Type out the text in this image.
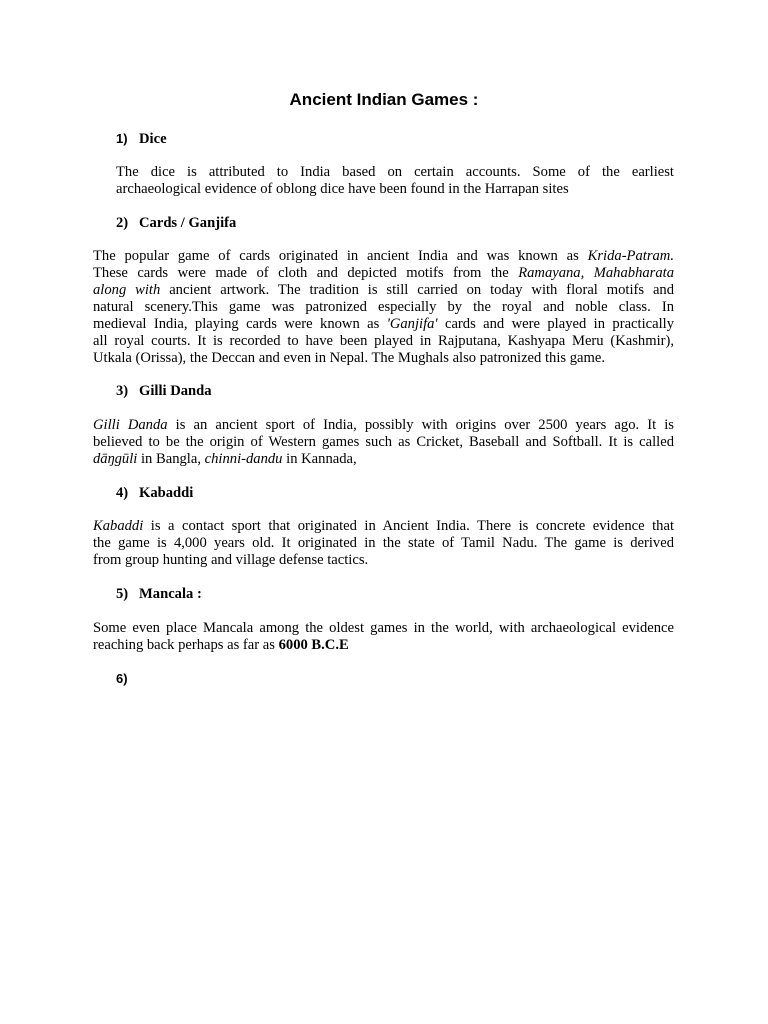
Ancient Indian Games :
1) Dice
The dice is attributed to India based on certain accounts. Some of the earliest
archaeological evidence of oblong dice have been found in the Harrapan sites
2) Cards / Ganjifa
The popular game of cards originated in ancient India and was known as Krida-Patram.
These cards were made of cloth and depicted motifs from the Ramayana, Mahabharata
along with ancient artwork. The tradition is still carried on today with floral motifs and
natural scenery.This game was patronized especially by the royal and noble class. In
medieval India, playing cards were known as 'Ganjifa' cards and were played in practically
all royal courts. It is recorded to have been played in Rajputana, Kashyapa Meru (Kashmir),
Utkala (Orissa), the Deccan and even in Nepal. The Mughals also patronized this game.
3) Gilli Danda
Gilli Danda is an ancient sport of India, possibly with origins over 2500 years ago. It is
believed to be the origin of Western games such as Cricket, Baseball and Softball. It is called
dāŋgūli in Bangla, chinni-dandu in Kannada,
4) Kabaddi
Kabaddi is a contact sport that originated in Ancient India. There is concrete evidence that
the game is 4,000 years old. It originated in the state of Tamil Nadu. The game is derived
from group hunting and village defense tactics.
5) Mancala :
Some even place Mancala among the oldest games in the world, with archaeological evidence
reaching back perhaps as far as 6000 B.C.E
6)
